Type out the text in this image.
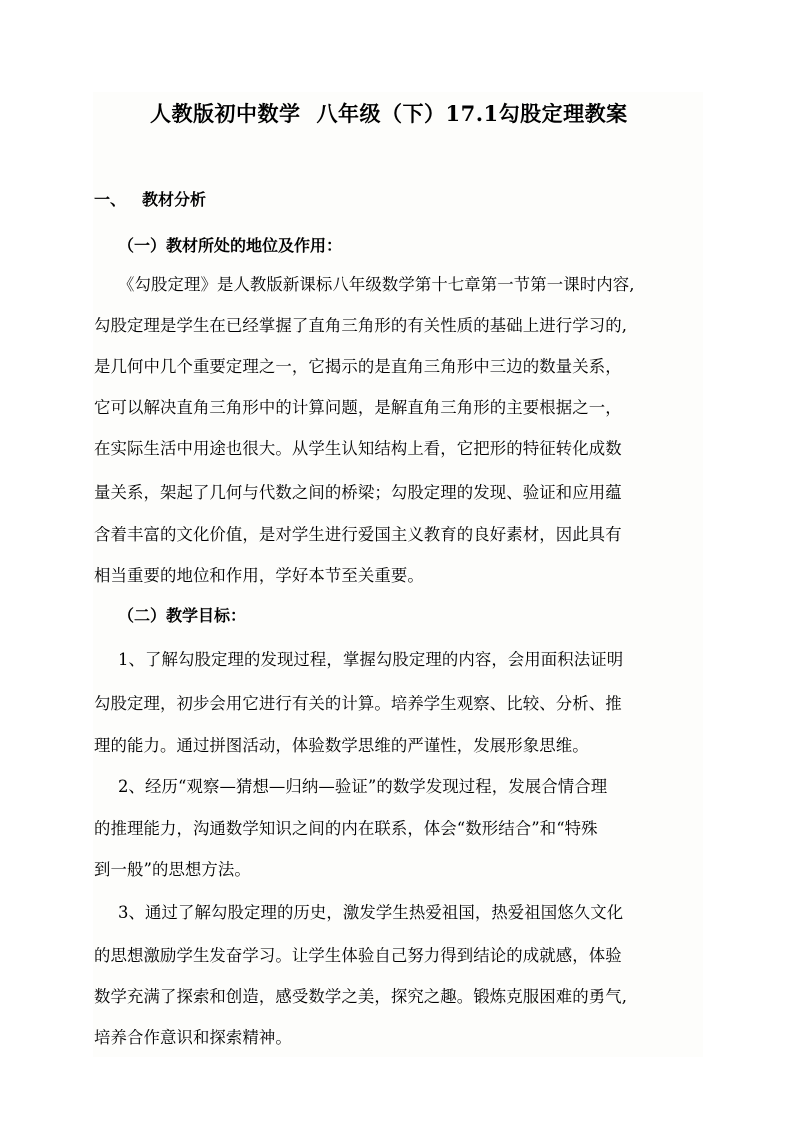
人教版初中数学 八年级（下）17.1勾股定理教案
一、 教材分析
（一）教材所处的地位及作用：
《勾股定理》是人教版新课标八年级数学第十七章第一节第一课时内容,
勾股定理是学生在已经掌握了直角三角形的有关性质的基础上进行学习的,
是几何中几个重要定理之一，它揭示的是直角三角形中三边的数量关系，
它可以解决直角三角形中的计算问题，是解直角三角形的主要根据之一，
在实际生活中用途也很大。从学生认知结构上看，它把形的特征转化成数
量关系，架起了几何与代数之间的桥梁；勾股定理的发现、验证和应用蕴
含着丰富的文化价值，是对学生进行爱国主义教育的良好素材，因此具有
相当重要的地位和作用，学好本节至关重要。
（二）教学目标：
1、了解勾股定理的发现过程，掌握勾股定理的内容，会用面积法证明
勾股定理，初步会用它进行有关的计算。培养学生观察、比较、分析、推
理的能力。通过拼图活动，体验数学思维的严谨性，发展形象思维。
2、经历“观察—猜想—归纳—验证”的数学发现过程，发展合情合理
的推理能力，沟通数学知识之间的内在联系，体会“数形结合”和“特殊
到一般”的思想方法。
3、通过了解勾股定理的历史，激发学生热爱祖国，热爱祖国悠久文化
的思想激励学生发奋学习。让学生体验自己努力得到结论的成就感，体验
数学充满了探索和创造，感受数学之美，探究之趣。锻炼克服困难的勇气,
培养合作意识和探索精神。
